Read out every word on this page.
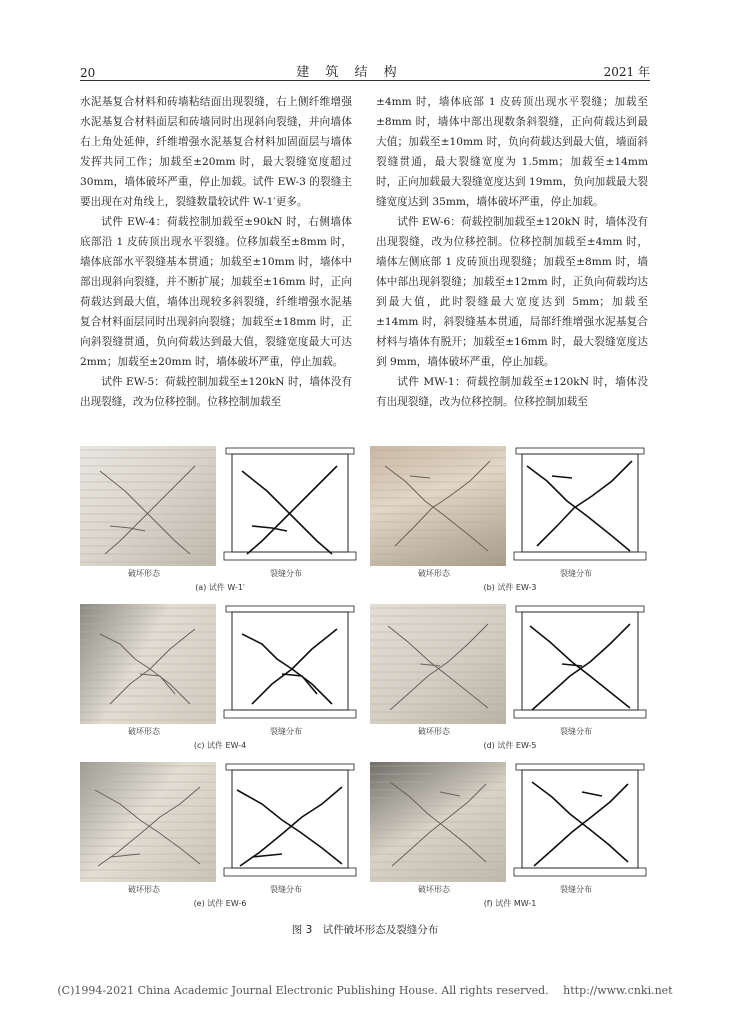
20	建 筑 结 构	2021 年

水泥基复合材料和砖墙粘结面出现裂缝，右上侧纤维增强水泥基复合材料面层和砖墙同时出现斜向裂缝，并向墙体右上角处延伸，纤维增强水泥基复合材料加固面层与墙体发挥共同工作；加载至±20mm 时，最大裂缝宽度超过 30mm，墙体破坏严重，停止加载。试件 EW-3 的裂缝主要出现在对角线上，裂缝数量较试件 W-1′更多。

试件 EW-4：荷载控制加载至±90kN 时，右侧墙体底部沿 1 皮砖顶出现水平裂缝。位移加载至±8mm 时，墙体底部水平裂缝基本贯通；加载至±10mm 时，墙体中部出现斜向裂缝，并不断扩展；加载至±16mm 时，正向荷载达到最大值，墙体出现较多斜裂缝，纤维增强水泥基复合材料面层同时出现斜向裂缝；加载至±18mm 时，正向斜裂缝贯通，负向荷载达到最大值，裂缝宽度最大可达 2mm；加载至±20mm 时，墙体破坏严重，停止加载。

试件 EW-5：荷载控制加载至±120kN 时，墙体没有出现裂缝，改为位移控制。位移控制加载至

±4mm 时，墙体底部 1 皮砖顶出现水平裂缝；加载至±8mm 时，墙体中部出现数条斜裂缝，正向荷载达到最大值；加载至±10mm 时，负向荷载达到最大值，墙面斜裂缝贯通，最大裂缝宽度为 1.5mm；加载至±14mm 时，正向加载最大裂缝宽度达到 19mm，负向加载最大裂缝宽度达到 35mm，墙体破坏严重，停止加载。

试件 EW-6：荷载控制加载至±120kN 时，墙体没有出现裂缝，改为位移控制。位移控制加载至±4mm 时，墙体左侧底部 1 皮砖顶出现裂缝；加载至±8mm 时，墙体中部出现斜裂缝；加载至±12mm 时，正负向荷载均达到最大值，此时裂缝最大宽度达到 5mm；加载至±14mm 时，斜裂缝基本贯通，局部纤维增强水泥基复合材料与墙体有脱开；加载至±16mm 时，最大裂缝宽度达到 9mm，墙体破坏严重，停止加载。

试件 MW-1：荷载控制加载至±120kN 时，墙体没有出现裂缝，改为位移控制。位移控制加载至

破坏形态	裂缝分布
(a) 试件 W-1′
破坏形态	裂缝分布
(b) 试件 EW-3
破坏形态	裂缝分布
(c) 试件 EW-4
破坏形态	裂缝分布
(d) 试件 EW-5
破坏形态	裂缝分布
(e) 试件 EW-6
破坏形态	裂缝分布
(f) 试件 MW-1
图 3　试件破坏形态及裂缝分布
(C)1994-2021 China Academic Journal Electronic Publishing House. All rights reserved.　 http://www.cnki.net
